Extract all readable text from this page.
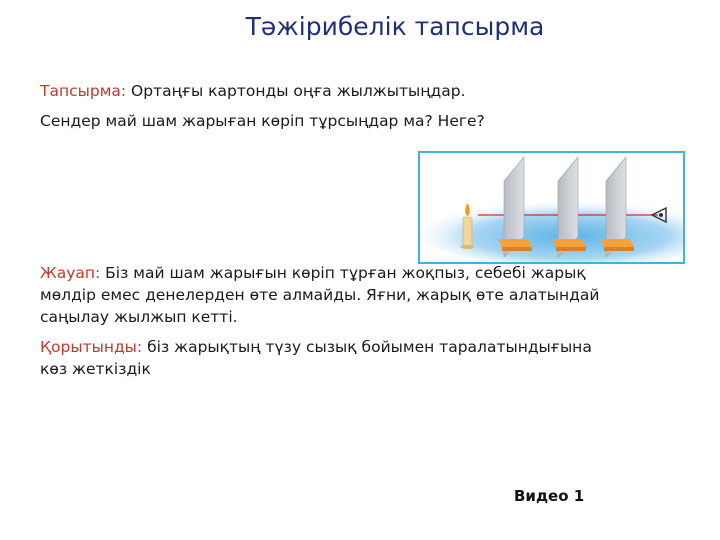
Тәжірибелік тапсырма
Тапсырма: Ортаңғы картонды оңға жылжытыңдар.
Сендер май шам жарыған көріп тұрсыңдар ма? Неге?
Жауап: Біз май шам жарығын көріп тұрған жоқпыз, себебі жарық
мөлдір емес денелерден өте алмайды. Яғни, жарық өте алатындай
саңылау жылжып кетті.
Қорытынды: біз жарықтың түзу сызық бойымен таралатындығына
көз жеткіздік
Видео 1
